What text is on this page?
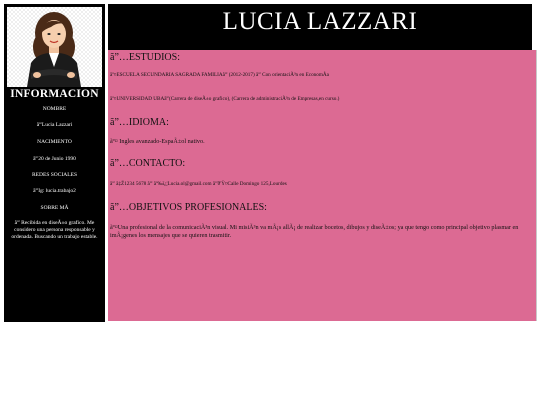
INFORMACION
NOMBRE
ãº'Lucia Lazzari
NACIMIENTO
ãº'20 de Junio 1990
REDES SOCIALES
ãº'Ig: lucia.trabajo2
SOBRE MÃ
ãº' Recibida en diseÃ±o grafico. Me considero una persona responsable y ordenada. Buscando un trabajo estable.
LUCIA LAZZARI
ã”…ESTUDIOS:
ãº¤ESCUELA SECUNDARIA SAGRADA FAMILIAãº' (2012-2017) ãº' Con orientaciÃ³n en EconomÃa
ãº¤UNIVERSIDAD UBAãº'(Carrera de diseÃ±o grafico), (Carrera de administraciÃ³n de Empresas,en curso.)
ã”…IDIOMA:
ãº¤ Ingles avanzado-EspaÃ±ol nativo.
ã”…CONTACTO:
ãº' ã‡Ž1234 5678 ãº' ãº‰ï¿¦Lucia.ol@gmail.com ãº'ð'Ÿ¤Calle Domingo 125,Lourdes
ã”…OBJETIVOS PROFESIONALES:
ãº¤Una profesional de la comunicaciÃ³n visual. Mi misiÃ³n va mÃ¡s allÃ¡ de realizar bocetos, dibujos y diseÃ±os; ya que tengo como principal objetivo plasmar en imÃ¡genes los mensajes que se quieren trasmitir.
